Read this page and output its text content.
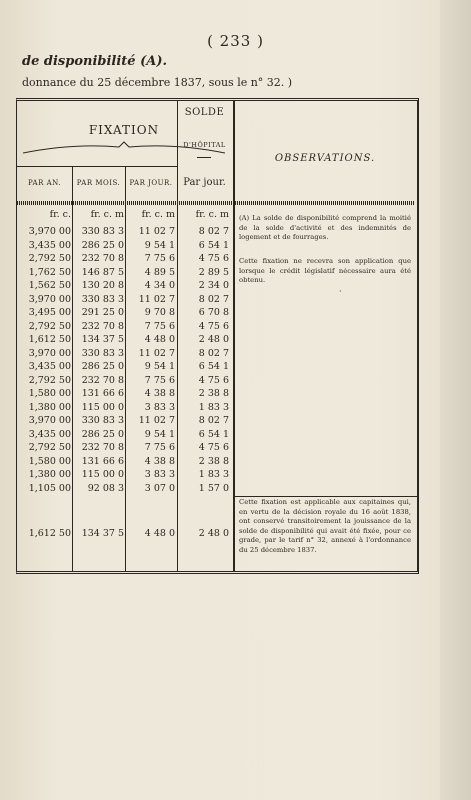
( 233 )
de disponibilité (A).
donnance du 25 décembre 1837, sous le n° 32. )
FIXATION
PAR AN.	PAR MOIS.	PAR JOUR.
SOLDE
D'HÔPITAL
Par jour.
OBSERVATIONS.
fr. c.	fr. c. m	fr. c. m	fr. c. m
3,970 00	330 83 3	11 02 7	8 02 7
3,435 00	286 25 0	9 54 1	6 54 1
2,792 50	232 70 8	7 75 6	4 75 6
1,762 50	146 87 5	4 89 5	2 89 5
1,562 50	130 20 8	4 34 0	2 34 0
3,970 00	330 83 3	11 02 7	8 02 7
3,495 00	291 25 0	9 70 8	6 70 8
2,792 50	232 70 8	7 75 6	4 75 6
1,612 50	134 37 5	4 48 0	2 48 0
3,970 00	330 83 3	11 02 7	8 02 7
3,435 00	286 25 0	9 54 1	6 54 1
2,792 50	232 70 8	7 75 6	4 75 6
1,580 00	131 66 6	4 38 8	2 38 8
1,380 00	115 00 0	3 83 3	1 83 3
3,970 00	330 83 3	11 02 7	8 02 7
3,435 00	286 25 0	9 54 1	6 54 1
2,792 50	232 70 8	7 75 6	4 75 6
1,580 00	131 66 6	4 38 8	2 38 8
1,380 00	115 00 0	3 83 3	1 83 3
1,105 00	92 08 3	3 07 0	1 57 0
1,612 50	134 37 5	4 48 0	2 48 0
(A) La solde de disponibilité comprend la moitié de la solde d'activité et des indemnités de logement et de fourrages.
Cette fixation ne recevra son application que lorsque le crédit législatif nécessaire aura été obtenu.
·
Cette fixation est applicable aux capitaines qui, en vertu de la décision royale du 16 août 1838, ont conservé transitoirement la jouissance de la solde de disponibilité qui avait été fixée, pour ce grade, par le tarif n° 32, annexé à l'ordonnance du 25 décembre 1837.
